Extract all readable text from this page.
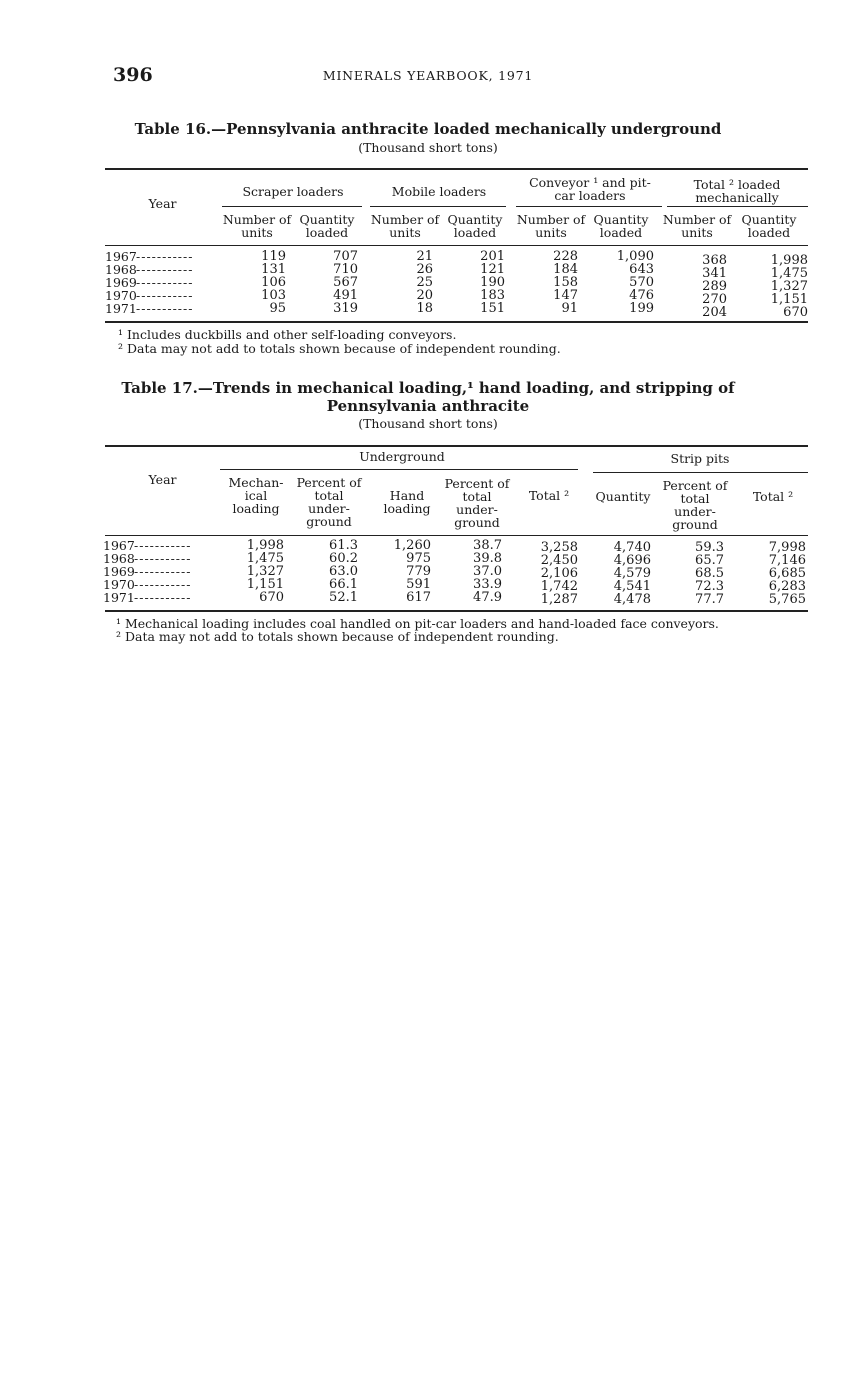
396	MINERALS YEARBOOK, 1971
Table 16.—Pennsylvania anthracite loaded mechanically underground
(Thousand short tons)
Year
Scraper loaders	Mobile loaders
Conveyor ¹ and pit-car loaders
Total ² loaded mechanically
Number of units
Quantity loaded
Number of units
Quantity loaded
Number of units
Quantity loaded
Number of units
Quantity loaded
1967 -----------	119	707	21	201	228	1,090	368	1,998
1968 -----------	131	710	26	121	184	643	341	1,475
1969 -----------	106	567	25	190	158	570	289	1,327
1970 -----------	103	491	20	183	147	476	270	1,151
1971 -----------	95	319	18	151	91	199	204	670
¹ Includes duckbills and other self-loading conveyors.
² Data may not add to totals shown because of independent rounding.
Table 17.—Trends in mechanical loading,¹ hand loading, and stripping of
Pennsylvania anthracite
(Thousand short tons)
Year
Underground	Strip pits
Mechan-ical loading
Percent of total under-ground
Hand loading
Percent of total under-ground
Total ²	Quantity
Percent of total under-ground
Total ²
1967 -----------	1,998	61.3	1,260	38.7	3,258	4,740	59.3	7,998
1968 -----------	1,475	60.2	975	39.8	2,450	4,696	65.7	7,146
1969 -----------	1,327	63.0	779	37.0	2,106	4,579	68.5	6,685
1970 -----------	1,151	66.1	591	33.9	1,742	4,541	72.3	6,283
1971 -----------	670	52.1	617	47.9	1,287	4,478	77.7	5,765
¹ Mechanical loading includes coal handled on pit-car loaders and hand-loaded face conveyors.
² Data may not add to totals shown because of independent rounding.
